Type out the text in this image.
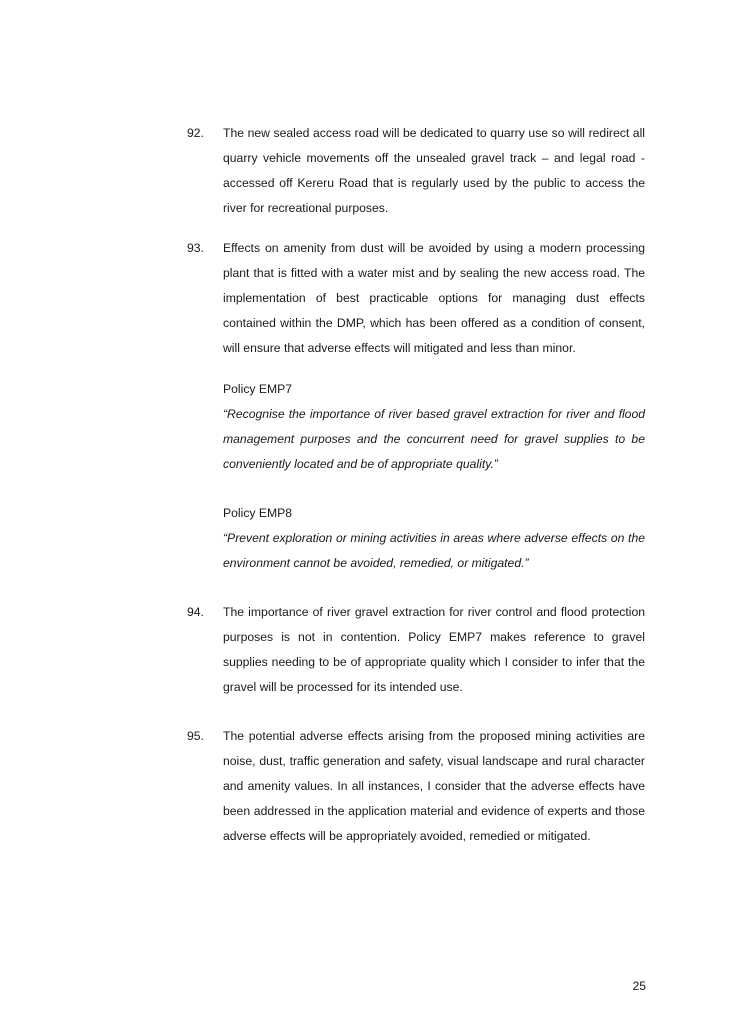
92. The new sealed access road will be dedicated to quarry use so will redirect all quarry vehicle movements off the unsealed gravel track – and legal road - accessed off Kereru Road that is regularly used by the public to access the river for recreational purposes.
93. Effects on amenity from dust will be avoided by using a modern processing plant that is fitted with a water mist and by sealing the new access road. The implementation of best practicable options for managing dust effects contained within the DMP, which has been offered as a condition of consent, will ensure that adverse effects will mitigated and less than minor.
Policy EMP7
“Recognise the importance of river based gravel extraction for river and flood management purposes and the concurrent need for gravel supplies to be conveniently located and be of appropriate quality.”
Policy EMP8
“Prevent exploration or mining activities in areas where adverse effects on the environment cannot be avoided, remedied, or mitigated.”
94. The importance of river gravel extraction for river control and flood protection purposes is not in contention. Policy EMP7 makes reference to gravel supplies needing to be of appropriate quality which I consider to infer that the gravel will be processed for its intended use.
95. The potential adverse effects arising from the proposed mining activities are noise, dust, traffic generation and safety, visual landscape and rural character and amenity values. In all instances, I consider that the adverse effects have been addressed in the application material and evidence of experts and those adverse effects will be appropriately avoided, remedied or mitigated.
25
